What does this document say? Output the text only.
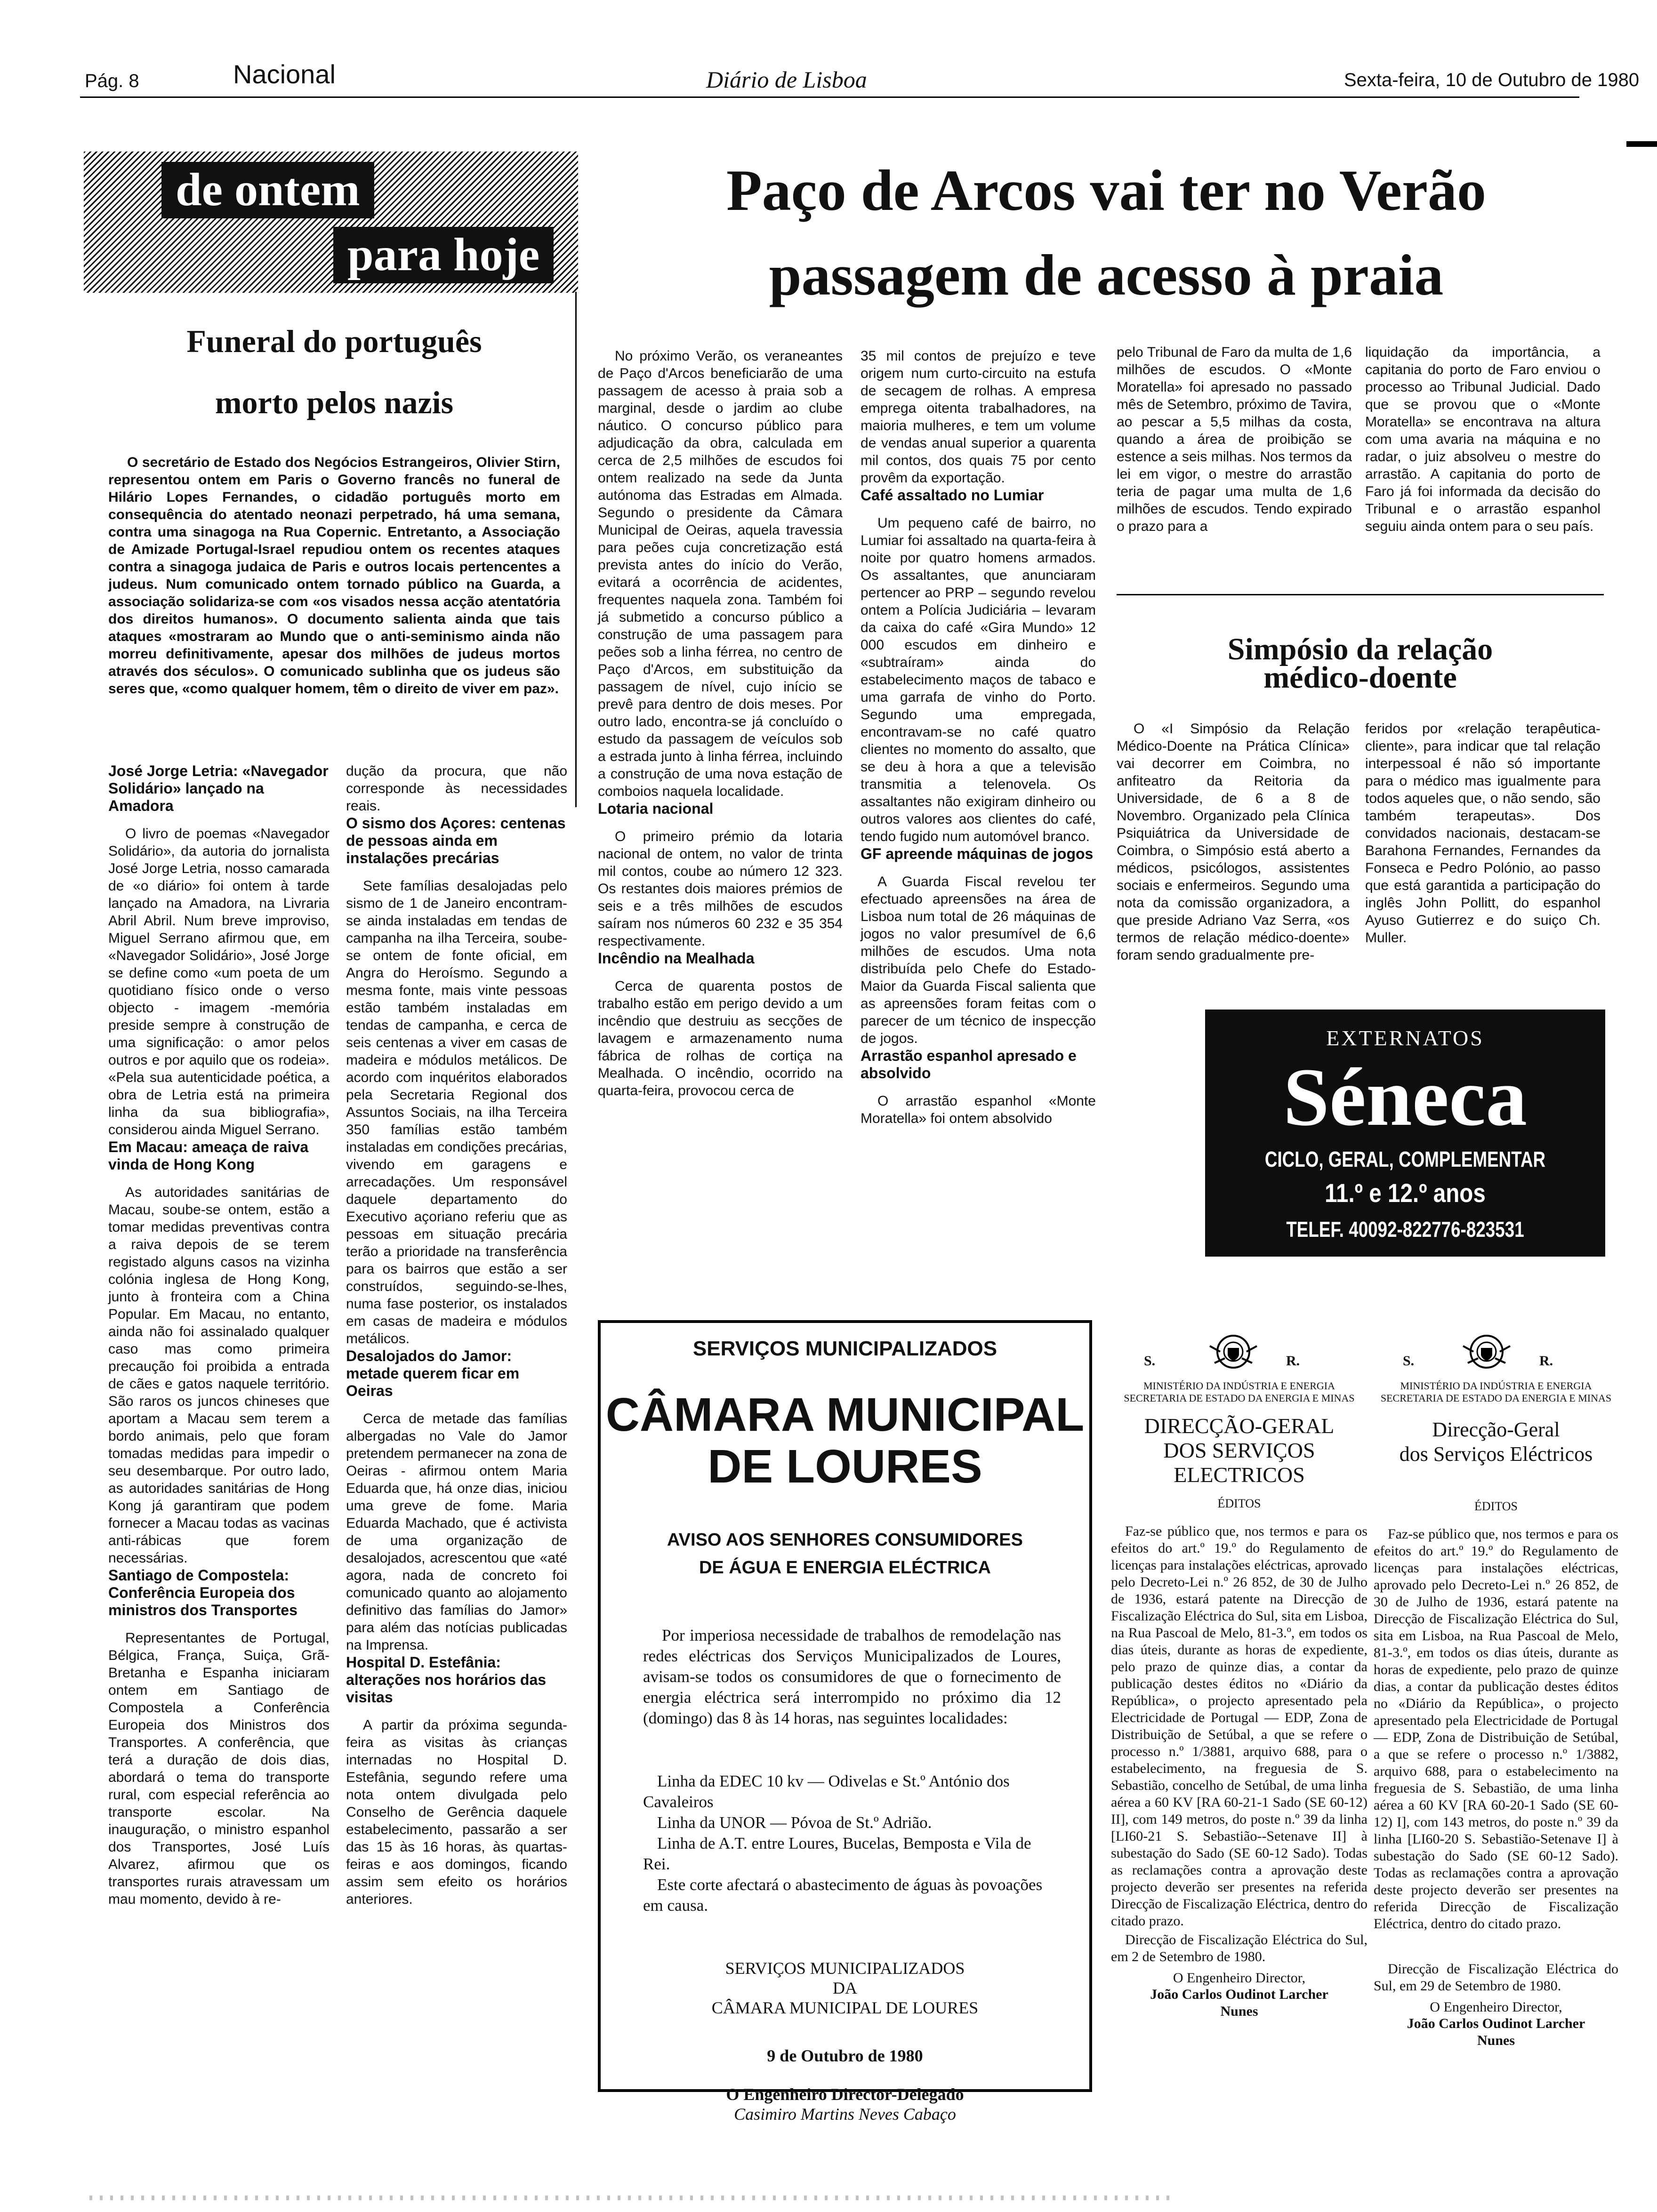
Pág. 8	Nacional	Diário de Lisboa	Sexta-feira, 10 de Outubro de 1980
de ontem
para hoje
Funeral do português
morto pelos nazis
O secretário de Estado dos Negócios Estrangeiros, Olivier Stirn, representou ontem em Paris o Governo francês no funeral de Hilário Lopes Fernandes, o cidadão português morto em consequência do atentado neonazi perpetrado, há uma semana, contra uma sinagoga na Rua Copernic. Entretanto, a Associação de Amizade Portugal-Israel repudiou ontem os recentes ataques contra a sinagoga judaica de Paris e outros locais pertencentes a judeus. Num comunicado ontem tornado público na Guarda, a associação solidariza-se com «os visados nessa acção atentatória dos direitos humanos». O documento salienta ainda que tais ataques «mostraram ao Mundo que o anti-seminismo ainda não morreu definitivamente, apesar dos milhões de judeus mortos através dos séculos». O comunicado sublinha que os judeus são seres que, «como qualquer homem, têm o direito de viver em paz».
José Jorge Letria: «Navegador Solidário» lançado na Amadora
O livro de poemas «Navegador Solidário», da autoria do jornalista José Jorge Letria, nosso camarada de «o diário» foi ontem à tarde lançado na Amadora, na Livraria Abril Abril. Num breve improviso, Miguel Serrano afirmou que, em «Navegador Solidário», José Jorge se define como «um poeta de um quotidiano físico onde o verso objecto - imagem -memória preside sempre à construção de uma significação: o amor pelos outros e por aquilo que os rodeia». «Pela sua autenticidade poética, a obra de Letria está na primeira linha da sua bibliografia», considerou ainda Miguel Serrano.
Em Macau: ameaça de raiva vinda de Hong Kong
As autoridades sanitárias de Macau, soube-se ontem, estão a tomar medidas preventivas contra a raiva depois de se terem registado alguns casos na vizinha colónia inglesa de Hong Kong, junto à fronteira com a China Popular. Em Macau, no entanto, ainda não foi assinalado qualquer caso mas como primeira precaução foi proibida a entrada de cães e gatos naquele território. São raros os juncos chineses que aportam a Macau sem terem a bordo animais, pelo que foram tomadas medidas para impedir o seu desembarque. Por outro lado, as autoridades sanitárias de Hong Kong já garantiram que podem fornecer a Macau todas as vacinas anti-rábicas que forem necessárias.
Santiago de Compostela: Conferência Europeia dos ministros dos Transportes
Representantes de Portugal, Bélgica, França, Suiça, Grã-Bretanha e Espanha iniciaram ontem em Santiago de Compostela a Conferência Europeia dos Ministros dos Transportes. A conferência, que terá a duração de dois dias, abordará o tema do transporte rural, com especial referência ao transporte escolar. Na inauguração, o ministro espanhol dos Transportes, José Luís Alvarez, afirmou que os transportes rurais atravessam um mau momento, devido à re-
dução da procura, que não corresponde às necessidades reais.
O sismo dos Açores: centenas de pessoas ainda em instalações precárias
Sete famílias desalojadas pelo sismo de 1 de Janeiro encontram-se ainda instaladas em tendas de campanha na ilha Terceira, soube-se ontem de fonte oficial, em Angra do Heroísmo. Segundo a mesma fonte, mais vinte pessoas estão também instaladas em tendas de campanha, e cerca de seis centenas a viver em casas de madeira e módulos metálicos. De acordo com inquéritos elaborados pela Secretaria Regional dos Assuntos Sociais, na ilha Terceira 350 famílias estão também instaladas em condições precárias, vivendo em garagens e arrecadações. Um responsável daquele departamento do Executivo açoriano referiu que as pessoas em situação precária terão a prioridade na transferência para os bairros que estão a ser construídos, seguindo-se-lhes, numa fase posterior, os instalados em casas de madeira e módulos metálicos.
Desalojados do Jamor: metade querem ficar em Oeiras
Cerca de metade das famílias albergadas no Vale do Jamor pretendem permanecer na zona de Oeiras - afirmou ontem Maria Eduarda que, há onze dias, iniciou uma greve de fome. Maria Eduarda Machado, que é activista de uma organização de desalojados, acrescentou que «até agora, nada de concreto foi comunicado quanto ao alojamento definitivo das famílias do Jamor» para além das notícias publicadas na Imprensa.
Hospital D. Estefânia: alterações nos horários das visitas
A partir da próxima segunda-feira as visitas às crianças internadas no Hospital D. Estefânia, segundo refere uma nota ontem divulgada pelo Conselho de Gerência daquele estabelecimento, passarão a ser das 15 às 16 horas, às quartas-feiras e aos domingos, ficando assim sem efeito os horários anteriores.
Paço de Arcos vai ter no Verão
passagem de acesso à praia
No próximo Verão, os veraneantes de Paço d'Arcos beneficiarão de uma passagem de acesso à praia sob a marginal, desde o jardim ao clube náutico. O concurso público para adjudicação da obra, calculada em cerca de 2,5 milhões de escudos foi ontem realizado na sede da Junta autónoma das Estradas em Almada. Segundo o presidente da Câmara Municipal de Oeiras, aquela travessia para peões cuja concretização está prevista antes do início do Verão, evitará a ocorrência de acidentes, frequentes naquela zona. Também foi já submetido a concurso público a construção de uma passagem para peões sob a linha férrea, no centro de Paço d'Arcos, em substituição da passagem de nível, cujo início se prevê para dentro de dois meses. Por outro lado, encontra-se já concluído o estudo da passagem de veículos sob a estrada junto à linha férrea, incluindo a construção de uma nova estação de comboios naquela localidade.
Lotaria nacional
O primeiro prémio da lotaria nacional de ontem, no valor de trinta mil contos, coube ao número 12 323. Os restantes dois maiores prémios de seis e a três milhões de escudos saíram nos números 60 232 e 35 354 respectivamente.
Incêndio na Mealhada
Cerca de quarenta postos de trabalho estão em perigo devido a um incêndio que destruiu as secções de lavagem e armazenamento numa fábrica de rolhas de cortiça na Mealhada. O incêndio, ocorrido na quarta-feira, provocou cerca de
35 mil contos de prejuízo e teve origem num curto-circuito na estufa de secagem de rolhas. A empresa emprega oitenta trabalhadores, na maioria mulheres, e tem um volume de vendas anual superior a quarenta mil contos, dos quais 75 por cento provêm da exportação.
Café assaltado no Lumiar
Um pequeno café de bairro, no Lumiar foi assaltado na quarta-feira à noite por quatro homens armados. Os assaltantes, que anunciaram pertencer ao PRP – segundo revelou ontem a Polícia Judiciária – levaram da caixa do café «Gira Mundo» 12 000 escudos em dinheiro e «subtraíram» ainda do estabelecimento maços de tabaco e uma garrafa de vinho do Porto. Segundo uma empregada, encontravam-se no café quatro clientes no momento do assalto, que se deu à hora a que a televisão transmitia a telenovela. Os assaltantes não exigiram dinheiro ou outros valores aos clientes do café, tendo fugido num automóvel branco.
GF apreende máquinas de jogos
A Guarda Fiscal revelou ter efectuado apreensões na área de Lisboa num total de 26 máquinas de jogos no valor presumível de 6,6 milhões de escudos. Uma nota distribuída pelo Chefe do Estado-Maior da Guarda Fiscal salienta que as apreensões foram feitas com o parecer de um técnico de inspecção de jogos.
Arrastão espanhol apresado e absolvido
O arrastão espanhol «Monte Moratella» foi ontem absolvido
pelo Tribunal de Faro da multa de 1,6 milhões de escudos. O «Monte Moratella» foi apresado no passado mês de Setembro, próximo de Tavira, ao pescar a 5,5 milhas da costa, quando a área de proibição se estence a seis milhas. Nos termos da lei em vigor, o mestre do arrastão teria de pagar uma multa de 1,6 milhões de escudos. Tendo expirado o prazo para a
liquidação da importância, a capitania do porto de Faro enviou o processo ao Tribunal Judicial. Dado que se provou que o «Monte Moratella» se encontrava na altura com uma avaria na máquina e no radar, o juiz absolveu o mestre do arrastão. A capitania do porto de Faro já foi informada da decisão do Tribunal e o arrastão espanhol seguiu ainda ontem para o seu país.
Simpósio da relação
médico-doente
O «I Simpósio da Relação Médico-Doente na Prática Clínica» vai decorrer em Coimbra, no anfiteatro da Reitoria da Universidade, de 6 a 8 de Novembro. Organizado pela Clínica Psiquiátrica da Universidade de Coimbra, o Simpósio está aberto a médicos, psicólogos, assistentes sociais e enfermeiros. Segundo uma nota da comissão organizadora, a que preside Adriano Vaz Serra, «os termos de relação médico-doente» foram sendo gradualmente pre-
feridos por «relação terapêutica-cliente», para indicar que tal relação interpessoal é não só importante para o médico mas igualmente para todos aqueles que, o não sendo, são também terapeutas». Dos convidados nacionais, destacam-se Barahona Fernandes, Fernandes da Fonseca e Pedro Polónio, ao passo que está garantida a participação do inglês John Pollitt, do espanhol Ayuso Gutierrez e do suiço Ch. Muller.
EXTERNATOS
Séneca
CICLO, GERAL, COMPLEMENTAR
11.º e 12.º anos
TELEF. 40092-822776-823531
SERVIÇOS MUNICIPALIZADOS
CÂMARA MUNICIPAL
DE LOURES
AVISO AOS SENHORES CONSUMIDORES
DE ÁGUA E ENERGIA ELÉCTRICA
Por imperiosa necessidade de trabalhos de remodelação nas redes eléctricas dos Serviços Municipalizados de Loures, avisam-se todos os consumidores de que o fornecimento de energia eléctrica será interrompido no próximo dia 12 (domingo) das 8 às 14 horas, nas seguintes localidades:
Linha da EDEC 10 kv — Odivelas e St.º António dos Cavaleiros
Linha da UNOR — Póvoa de St.º Adrião.
Linha de A.T. entre Loures, Bucelas, Bemposta e Vila de Rei.
Este corte afectará o abastecimento de águas às povoações em causa.
SERVIÇOS MUNICIPALIZADOS
DA
CÂMARA MUNICIPAL DE LOURES
9 de Outubro de 1980
O Engenheiro Director-Delegado
Casimiro Martins Neves Cabaço
S.	R.
MINISTÉRIO DA INDÚSTRIA E ENERGIA
SECRETARIA DE ESTADO DA ENERGIA E MINAS
DIRECÇÃO-GERAL
DOS SERVIÇOS
ELECTRICOS
ÉDITOS
Faz-se público que, nos termos e para os efeitos do art.º 19.º do Regulamento de licenças para instalações eléctricas, aprovado pelo Decreto-Lei n.º 26 852, de 30 de Julho de 1936, estará patente na Direcção de Fiscalização Eléctrica do Sul, sita em Lisboa, na Rua Pascoal de Melo, 81-3.º, em todos os dias úteis, durante as horas de expediente, pelo prazo de quinze dias, a contar da publicação destes éditos no «Diário da República», o projecto apresentado pela Electricidade de Portugal — EDP, Zona de Distribuição de Setúbal, a que se refere o processo n.º 1/3881, arquivo 688, para o estabelecimento, na freguesia de S. Sebastião, concelho de Setúbal, de uma linha aérea a 60 KV [RA 60-21-1 Sado (SE 60-12) II], com 149 metros, do poste n.º 39 da linha [LI60-21 S. Sebastião--Setenave II] à subestação do Sado (SE 60-12 Sado). Todas as reclamações contra a aprovação deste projecto deverão ser presentes na referida Direcção de Fiscalização Eléctrica, dentro do citado prazo.
Direcção de Fiscalização Eléctrica do Sul, em 2 de Setembro de 1980.
O Engenheiro Director,
João Carlos Oudinot Larcher Nunes
S.	R.
MINISTÉRIO DA INDÚSTRIA E ENERGIA
SECRETARIA DE ESTADO DA ENERGIA E MINAS
Direcção-Geral
dos Serviços Eléctricos
ÉDITOS
Faz-se público que, nos termos e para os efeitos do art.º 19.º do Regulamento de licenças para instalações eléctricas, aprovado pelo Decreto-Lei n.º 26 852, de 30 de Julho de 1936, estará patente na Direcção de Fiscalização Eléctrica do Sul, sita em Lisboa, na Rua Pascoal de Melo, 81-3.º, em todos os dias úteis, durante as horas de expediente, pelo prazo de quinze dias, a contar da publicação destes éditos no «Diário da República», o projecto apresentado pela Electricidade de Portugal — EDP, Zona de Distribuição de Setúbal, a que se refere o processo n.º 1/3882, arquivo 688, para o estabelecimento na freguesia de S. Sebastião, de uma linha aérea a 60 KV [RA 60-20-1 Sado (SE 60-12) I], com 143 metros, do poste n.º 39 da linha [LI60-20 S. Sebastião-Setenave I] à subestação do Sado (SE 60-12 Sado). Todas as reclamações contra a aprovação deste projecto deverão ser presentes na referida Direcção de Fiscalização Eléctrica, dentro do citado prazo.
Direcção de Fiscalização Eléctrica do Sul, em 29 de Setembro de 1980.
O Engenheiro Director,
João Carlos Oudinot Larcher Nunes
